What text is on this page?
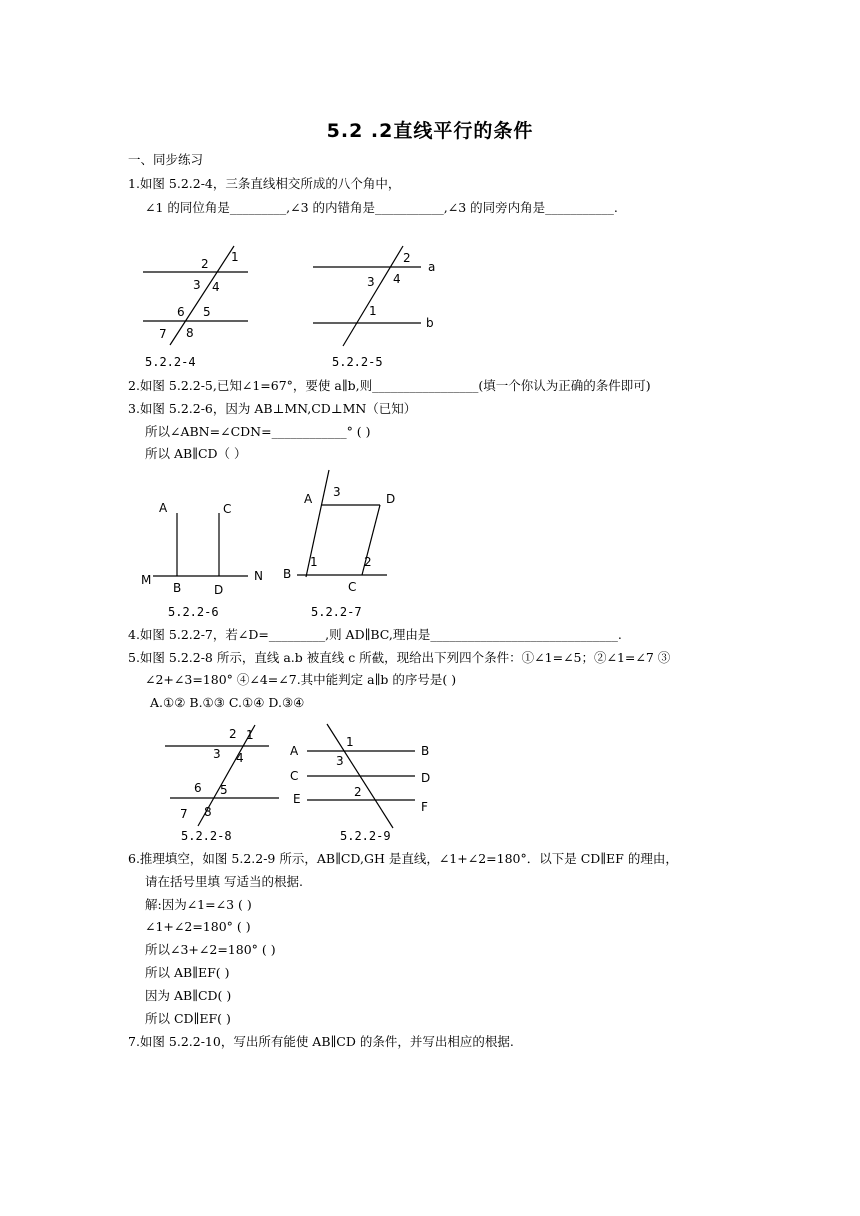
5.2 .2直线平行的条件
一、同步练习
1.如图 5.2.2-4，三条直线相交所成的八个角中，
∠1 的同位角是_________,∠3 的内错角是___________,∠3 的同旁内角是___________.
2 1
3 4
6 5
7 8
5.2.2-4
2
a
3 4
1
b
5.2.2-5
2.如图 5.2.2-5,已知∠1=67°，要使 a∥b,则_________________(填一个你认为正确的条件即可)
3.如图 5.2.2-6，因为 AB⊥MN,CD⊥MN（已知）
所以∠ABN=∠CDN=____________° ( )
所以 AB∥CD（ ）
A	C
M
B	D
N
5.2.2-6
A 3	D
1	2
B
C
5.2.2-7
4.如图 5.2.2-7，若∠D=_________,则 AD∥BC,理由是______________________________.
5.如图 5.2.2-8 所示，直线 a.b 被直线 c 所截，现给出下列四个条件：①∠1=∠5；②∠1=∠7 ③
∠2+∠3=180° ④∠4=∠7.其中能判定 a∥b 的序号是( )
A.①② B.①③ C.①④ D.③④
2 1
3 4
6 5
7 8
5.2.2-8
A
1
B
C
3
D
E	2
F
5.2.2-9
6.推理填空，如图 5.2.2-9 所示，AB∥CD,GH 是直线，∠1+∠2=180°．以下是 CD∥EF 的理由，
请在括号里填 写适当的根据.
解:因为∠1=∠3 ( )
∠1+∠2=180° ( )
所以∠3+∠2=180° ( )
所以 AB∥EF( )
因为 AB∥CD( )
所以 CD∥EF( )
7.如图 5.2.2-10，写出所有能使 AB∥CD 的条件，并写出相应的根据.
